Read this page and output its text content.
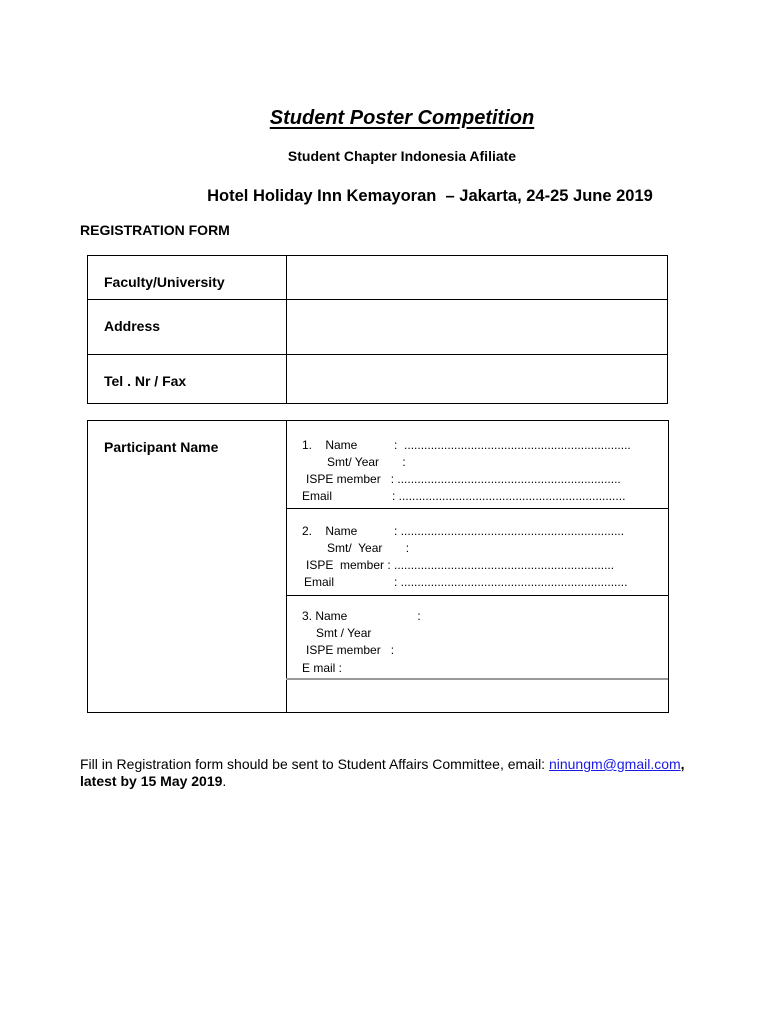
Student Poster Competition
Student Chapter Indonesia Afiliate
Hotel Holiday Inn Kemayoran  – Jakarta, 24-25 June 2019
REGISTRATION FORM
Faculty/University
Address
Tel . Nr / Fax
Participant Name	1.    Name           :  ....................................................................
Smt/ Year       :
ISPE member   : ...................................................................
Email                  : ....................................................................
2.    Name           : ...................................................................
Smt/  Year       :
ISPE  member : ..................................................................
Email                  : ....................................................................
3. Name                     :
Smt / Year
ISPE member   :
E mail :
Fill in Registration form should be sent to Student Affairs Committee, email: ninungm@gmail.com,
latest by 15 May 2019.
